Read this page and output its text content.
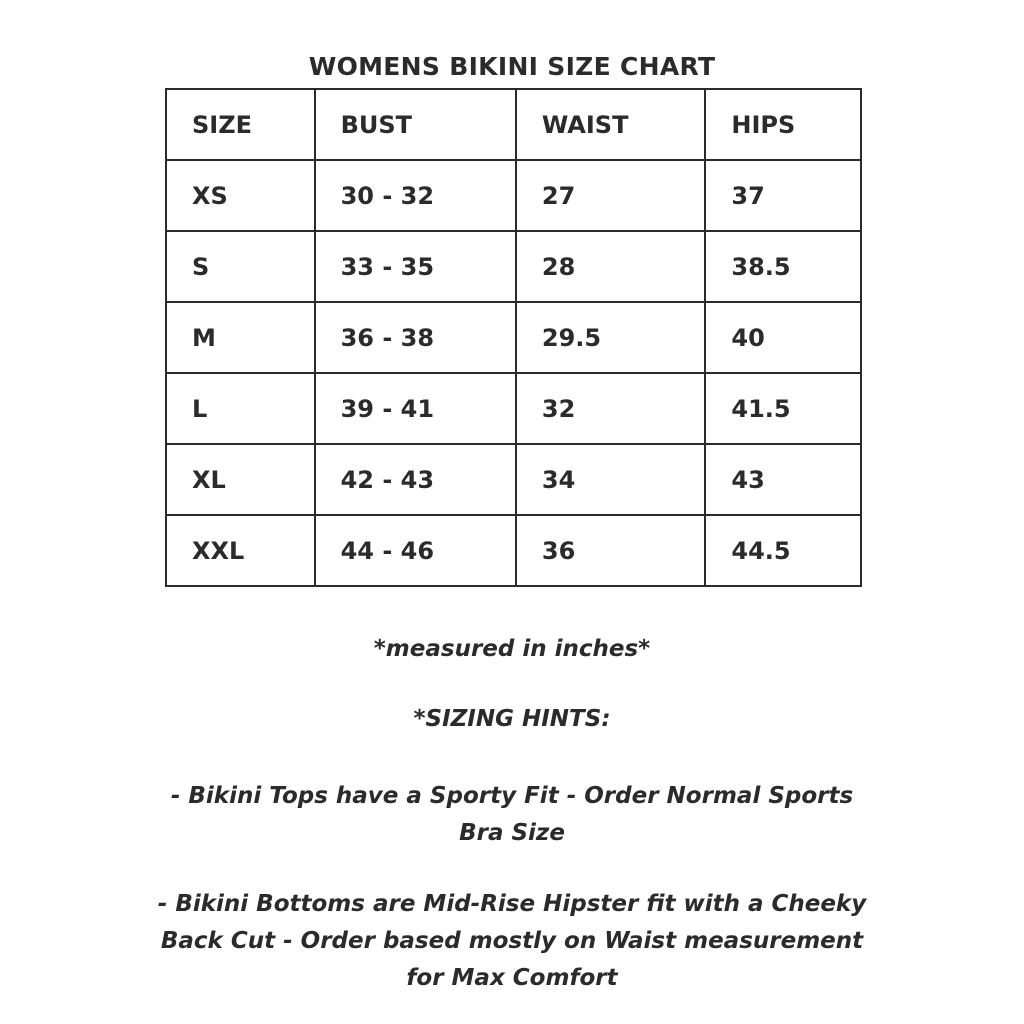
WOMENS BIKINI SIZE CHART
SIZE	BUST	WAIST	HIPS
XS	30 - 32	27	37
S	33 - 35	28	38.5
M	36 - 38	29.5	40
L	39 - 41	32	41.5
XL	42 - 43	34	43
XXL	44 - 46	36	44.5
*measured in inches*
*SIZING HINTS:
- Bikini Tops have a Sporty Fit - Order Normal Sports Bra Size
- Bikini Bottoms are Mid-Rise Hipster fit with a Cheeky Back Cut - Order based mostly on Waist measurement for Max Comfort
